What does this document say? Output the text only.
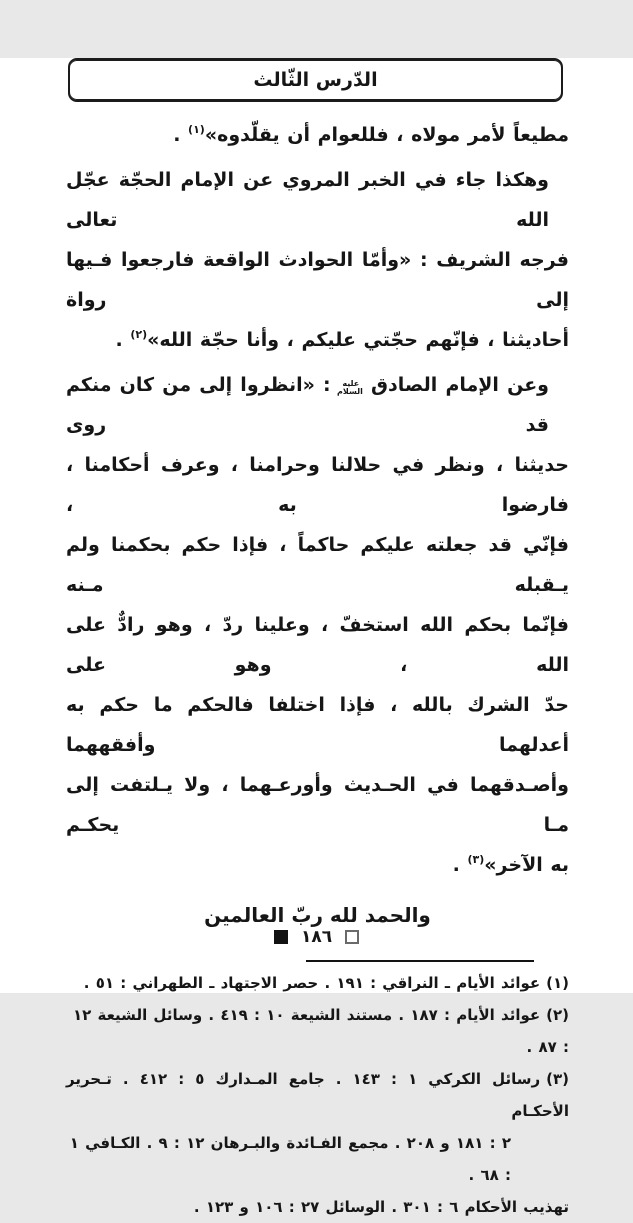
الدّرس الثّالث
مطيعاً لأمر مولاه ، فللعوام أن يقلّدوه»$^{(١)}$ .
وهكذا جاء في الخبر المروي عن الإمام الحجّة عجّل الله تعالى
فرجه الشريف : «وأمّا الحوادث الواقعة فارجعوا فـيها إلى رواة
أحاديثنا ، فإنّهم حجّتي عليكم ، وأنا حجّة الله»$^{(٢)}$ .
وعن الإمام الصادق عليه السلام : «انظروا إلى من كان منكم قد روى
حديثنا ، ونظر في حلالنا وحرامنا ، وعرف أحكامنا ، فارضوا به ،
فإنّي قد جعلته عليكم حاكماً ، فإذا حكم بحكمنا ولم يـقبله مـنه
فإنّما بحكم الله استخفّ ، وعلينا ردّ ، وهو رادٌّ على الله ، وهو على
حدّ الشرك بالله ، فإذا اختلفا فالحكم ما حكم به أعدلهما وأفقههما
وأصـدقهما في الحـديث وأورعـهما ، ولا يـلتفت إلى مـا يحكـم
به الآخر»$^{(٣)}$ .
والحمد لله ربّ العالمين
(١)عوائد الأيام ـ النراقي : ١٩١ . حصر الاجتهاد ـ الطهراني : ٥١ .
(٢)عوائد الأيام : ١٨٧ . مستند الشيعة ١٠ : ٤١٩ . وسائل الشيعة ١٢ : ٨٧ .
(٣)رسائل الكركي ١ : ١٤٣ . جامع المـدارك ٥ : ٤١٢ . تـحرير الأحكـام
٢ : ١٨١ و ٢٠٨ . مجمع الفـائدة والبـرهان ١٢ : ٩ . الكـافي ١ : ٦٨ .
تهذيب الأحكام ٦ : ٣٠١ . الوسائل ٢٧ : ١٠٦ و ١٢٣ .
١٨٦
